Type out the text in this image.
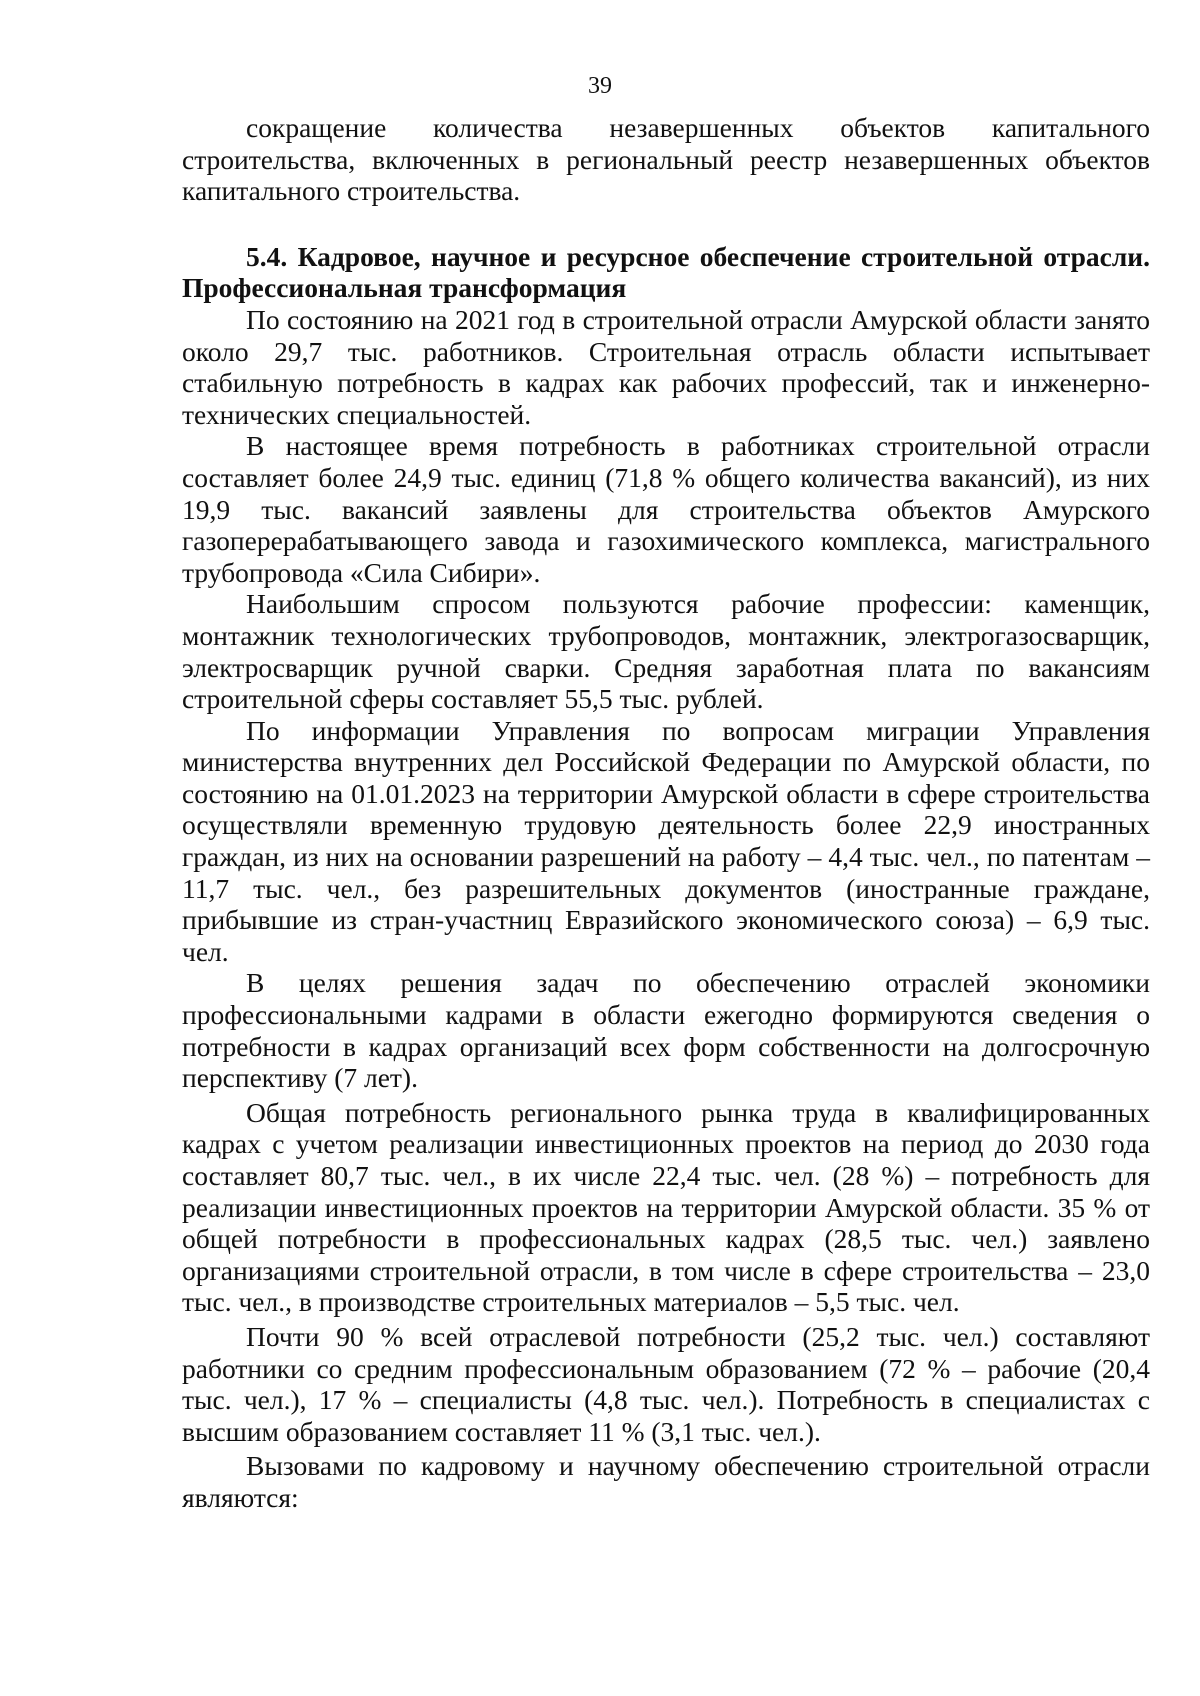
39

сокращение количества незавершенных объектов капитального строительства, включенных в региональный реестр незавершенных объектов капитального строительства.

5.4. Кадровое, научное и ресурсное обеспечение строительной отрасли. Профессиональная трансформация

По состоянию на 2021 год в строительной отрасли Амурской области занято около 29,7 тыс. работников. Строительная отрасль области испытывает стабильную потребность в кадрах как рабочих профессий, так и инженерно-технических специальностей.

В настоящее время потребность в работниках строительной отрасли составляет более 24,9 тыс. единиц (71,8 % общего количества вакансий), из них 19,9 тыс. вакансий заявлены для строительства объектов Амурского газоперерабатывающего завода и газохимического комплекса, магистрального трубопровода «Сила Сибири».

Наибольшим спросом пользуются рабочие профессии: каменщик, монтажник технологических трубопроводов, монтажник, электрогазосварщик, электросварщик ручной сварки. Средняя заработная плата по вакансиям строительной сферы составляет 55,5 тыс. рублей.

По информации Управления по вопросам миграции Управления министерства внутренних дел Российской Федерации по Амурской области, по состоянию на 01.01.2023 на территории Амурской области в сфере строительства осуществляли временную трудовую деятельность более 22,9 иностранных граждан, из них на основании разрешений на работу – 4,4 тыс. чел., по патентам – 11,7 тыс. чел., без разрешительных документов (иностранные граждане, прибывшие из стран-участниц Евразийского экономического союза) – 6,9 тыс. чел.

В целях решения задач по обеспечению отраслей экономики профессиональными кадрами в области ежегодно формируются сведения о потребности в кадрах организаций всех форм собственности на долгосрочную перспективу (7 лет).

Общая потребность регионального рынка труда в квалифицированных кадрах с учетом реализации инвестиционных проектов на период до 2030 года составляет 80,7 тыс. чел., в их числе 22,4 тыс. чел. (28 %) – потребность для реализации инвестиционных проектов на территории Амурской области. 35 % от общей потребности в профессиональных кадрах (28,5 тыс. чел.) заявлено организациями строительной отрасли, в том числе в сфере строительства – 23,0 тыс. чел., в производстве строительных материалов – 5,5 тыс. чел.

Почти 90 % всей отраслевой потребности (25,2 тыс. чел.) составляют работники со средним профессиональным образованием (72 % – рабочие (20,4 тыс. чел.), 17 % – специалисты (4,8 тыс. чел.). Потребность в специалистах с высшим образованием составляет 11 % (3,1 тыс. чел.).

Вызовами по кадровому и научному обеспечению строительной отрасли являются:
